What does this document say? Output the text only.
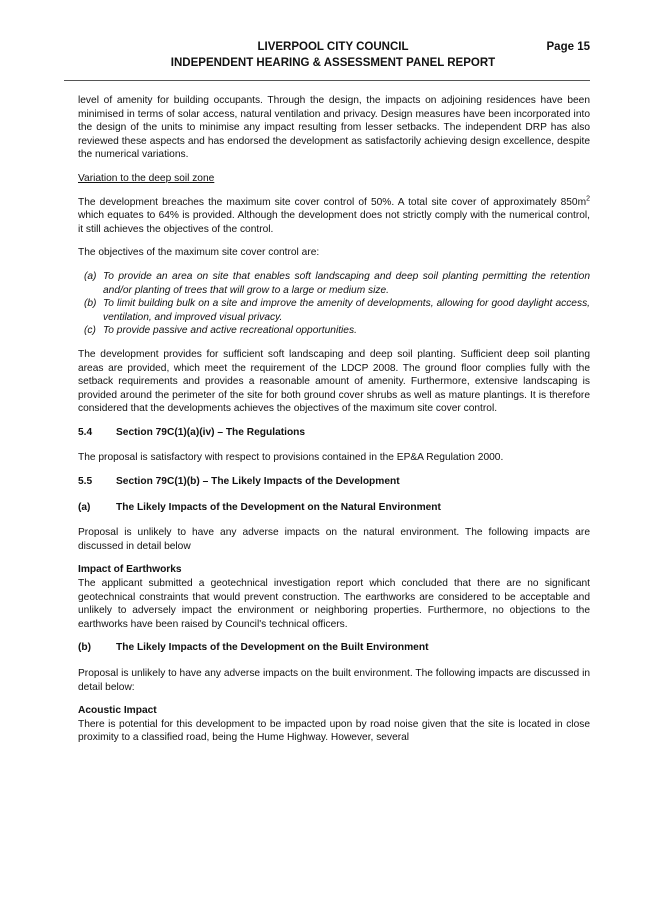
LIVERPOOL CITY COUNCIL
INDEPENDENT HEARING & ASSESSMENT PANEL REPORT
Page 15

level of amenity for building occupants. Through the design, the impacts on adjoining residences have been minimised in terms of solar access, natural ventilation and privacy. Design measures have been incorporated into the design of the units to minimise any impact resulting from lesser setbacks. The independent DRP has also reviewed these aspects and has endorsed the development as satisfactorily achieving design excellence, despite the numerical variations.

Variation to the deep soil zone

The development breaches the maximum site cover control of 50%. A total site cover of approximately $850m^2$ which equates to 64% is provided. Although the development does not strictly comply with the numerical control, it still achieves the objectives of the control.

The objectives of the maximum site cover control are:

(a) To provide an area on site that enables soft landscaping and deep soil planting permitting the retention and/or planting of trees that will grow to a large or medium size.
(b) To limit building bulk on a site and improve the amenity of developments, allowing for good daylight access, ventilation, and improved visual privacy.
(c) To provide passive and active recreational opportunities.

The development provides for sufficient soft landscaping and deep soil planting. Sufficient deep soil planting areas are provided, which meet the requirement of the LDCP 2008. The ground floor complies fully with the setback requirements and provides a reasonable amount of amenity. Furthermore, extensive landscaping is provided around the perimeter of the site for both ground cover shrubs as well as mature plantings. It is therefore considered that the developments achieves the objectives of the maximum site cover control.

5.4	Section 79C(1)(a)(iv) – The Regulations

The proposal is satisfactory with respect to provisions contained in the EP&A Regulation 2000.

5.5	Section 79C(1)(b) – The Likely Impacts of the Development
(a)	The Likely Impacts of the Development on the Natural Environment

Proposal is unlikely to have any adverse impacts on the natural environment. The following impacts are discussed in detail below

Impact of Earthworks

The applicant submitted a geotechnical investigation report which concluded that there are no significant geotechnical constraints that would prevent construction. The earthworks are considered to be acceptable and unlikely to adversely impact the environment or neighboring properties. Furthermore, no objections to the earthworks have been raised by Council's technical officers.

(b)	The Likely Impacts of the Development on the Built Environment

Proposal is unlikely to have any adverse impacts on the built environment. The following impacts are discussed in detail below:

Acoustic Impact

There is potential for this development to be impacted upon by road noise given that the site is located in close proximity to a classified road, being the Hume Highway. However, several
